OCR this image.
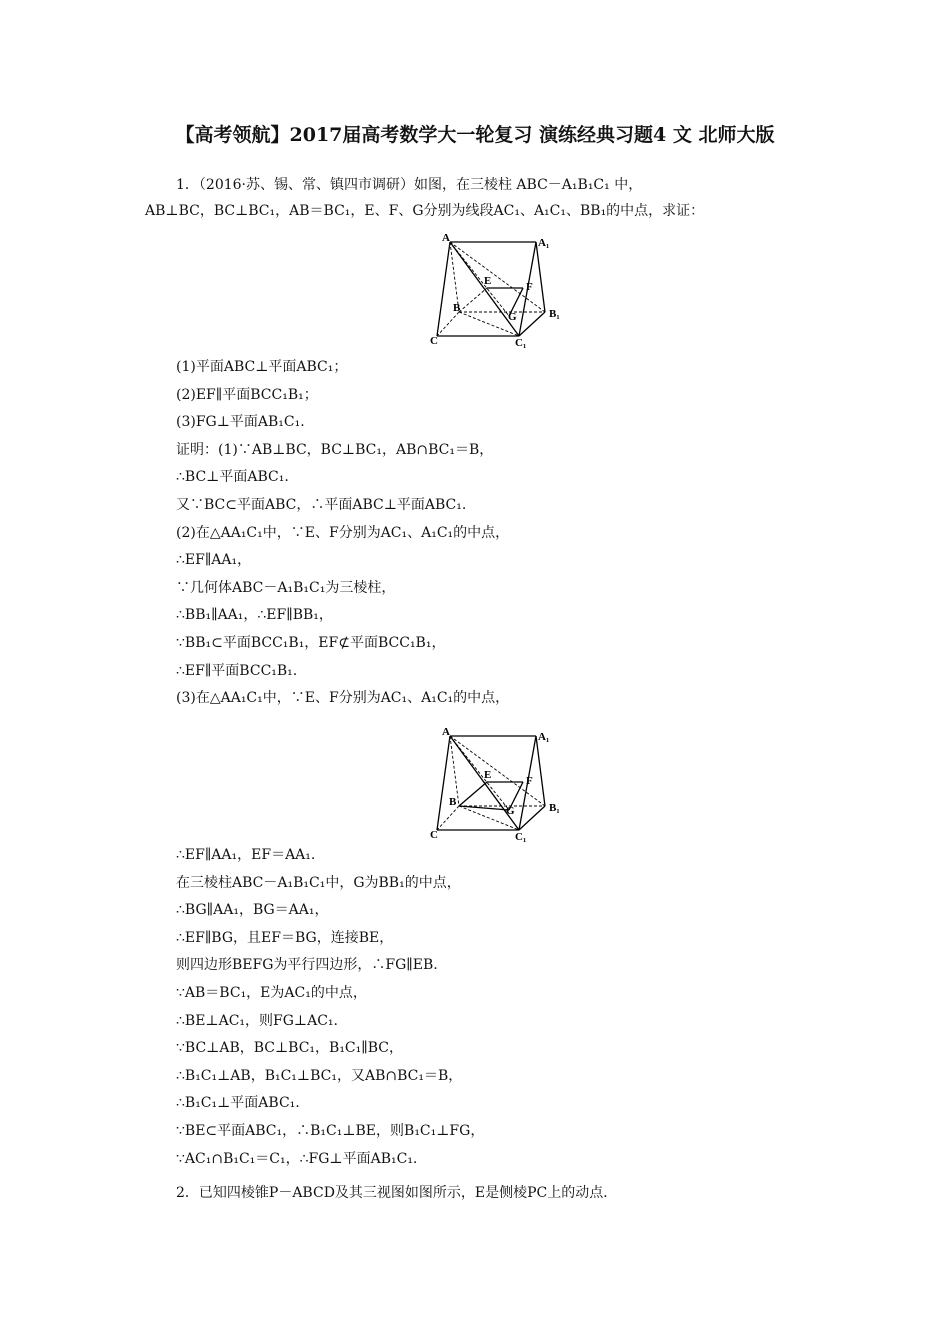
【高考领航】2017届高考数学大一轮复习 演练经典习题4 文 北师大版
1．（2016·苏、锡、常、镇四市调研）如图，在三棱柱 ABC－A₁B₁C₁ 中，
AB⊥BC，BC⊥BC₁，AB＝BC₁，E、F、G分别为线段AC₁、A₁C₁、BB₁的中点，求证：
A	A₁
B	B₁
C	C₁
E	F
G
(1)平面ABC⊥平面ABC₁；
(2)EF∥平面BCC₁B₁；
(3)FG⊥平面AB₁C₁.
证明：(1)∵AB⊥BC，BC⊥BC₁，AB∩BC₁＝B，
∴BC⊥平面ABC₁.
又∵BC⊂平面ABC，∴平面ABC⊥平面ABC₁.
(2)在△AA₁C₁中，∵E、F分别为AC₁、A₁C₁的中点，
∴EF∥AA₁，
∵几何体ABC－A₁B₁C₁为三棱柱，
∴BB₁∥AA₁，∴EF∥BB₁，
∵BB₁⊂平面BCC₁B₁，EF⊄平面BCC₁B₁，
∴EF∥平面BCC₁B₁.
(3)在△AA₁C₁中，∵E、F分别为AC₁、A₁C₁的中点，
A	A₁
B	B₁
C	C₁
E	F
G
∴EF∥AA₁，EF＝AA₁.
在三棱柱ABC－A₁B₁C₁中，G为BB₁的中点，
∴BG∥AA₁，BG＝AA₁，
∴EF∥BG，且EF＝BG，连接BE，
则四边形BEFG为平行四边形，∴FG∥EB.
∵AB＝BC₁，E为AC₁的中点，
∴BE⊥AC₁，则FG⊥AC₁.
∵BC⊥AB，BC⊥BC₁，B₁C₁∥BC，
∴B₁C₁⊥AB，B₁C₁⊥BC₁，又AB∩BC₁＝B，
∴B₁C₁⊥平面ABC₁.
∵BE⊂平面ABC₁，∴B₁C₁⊥BE，则B₁C₁⊥FG，
∵AC₁∩B₁C₁＝C₁，∴FG⊥平面AB₁C₁.
2．已知四棱锥P－ABCD及其三视图如图所示，E是侧棱PC上的动点．
